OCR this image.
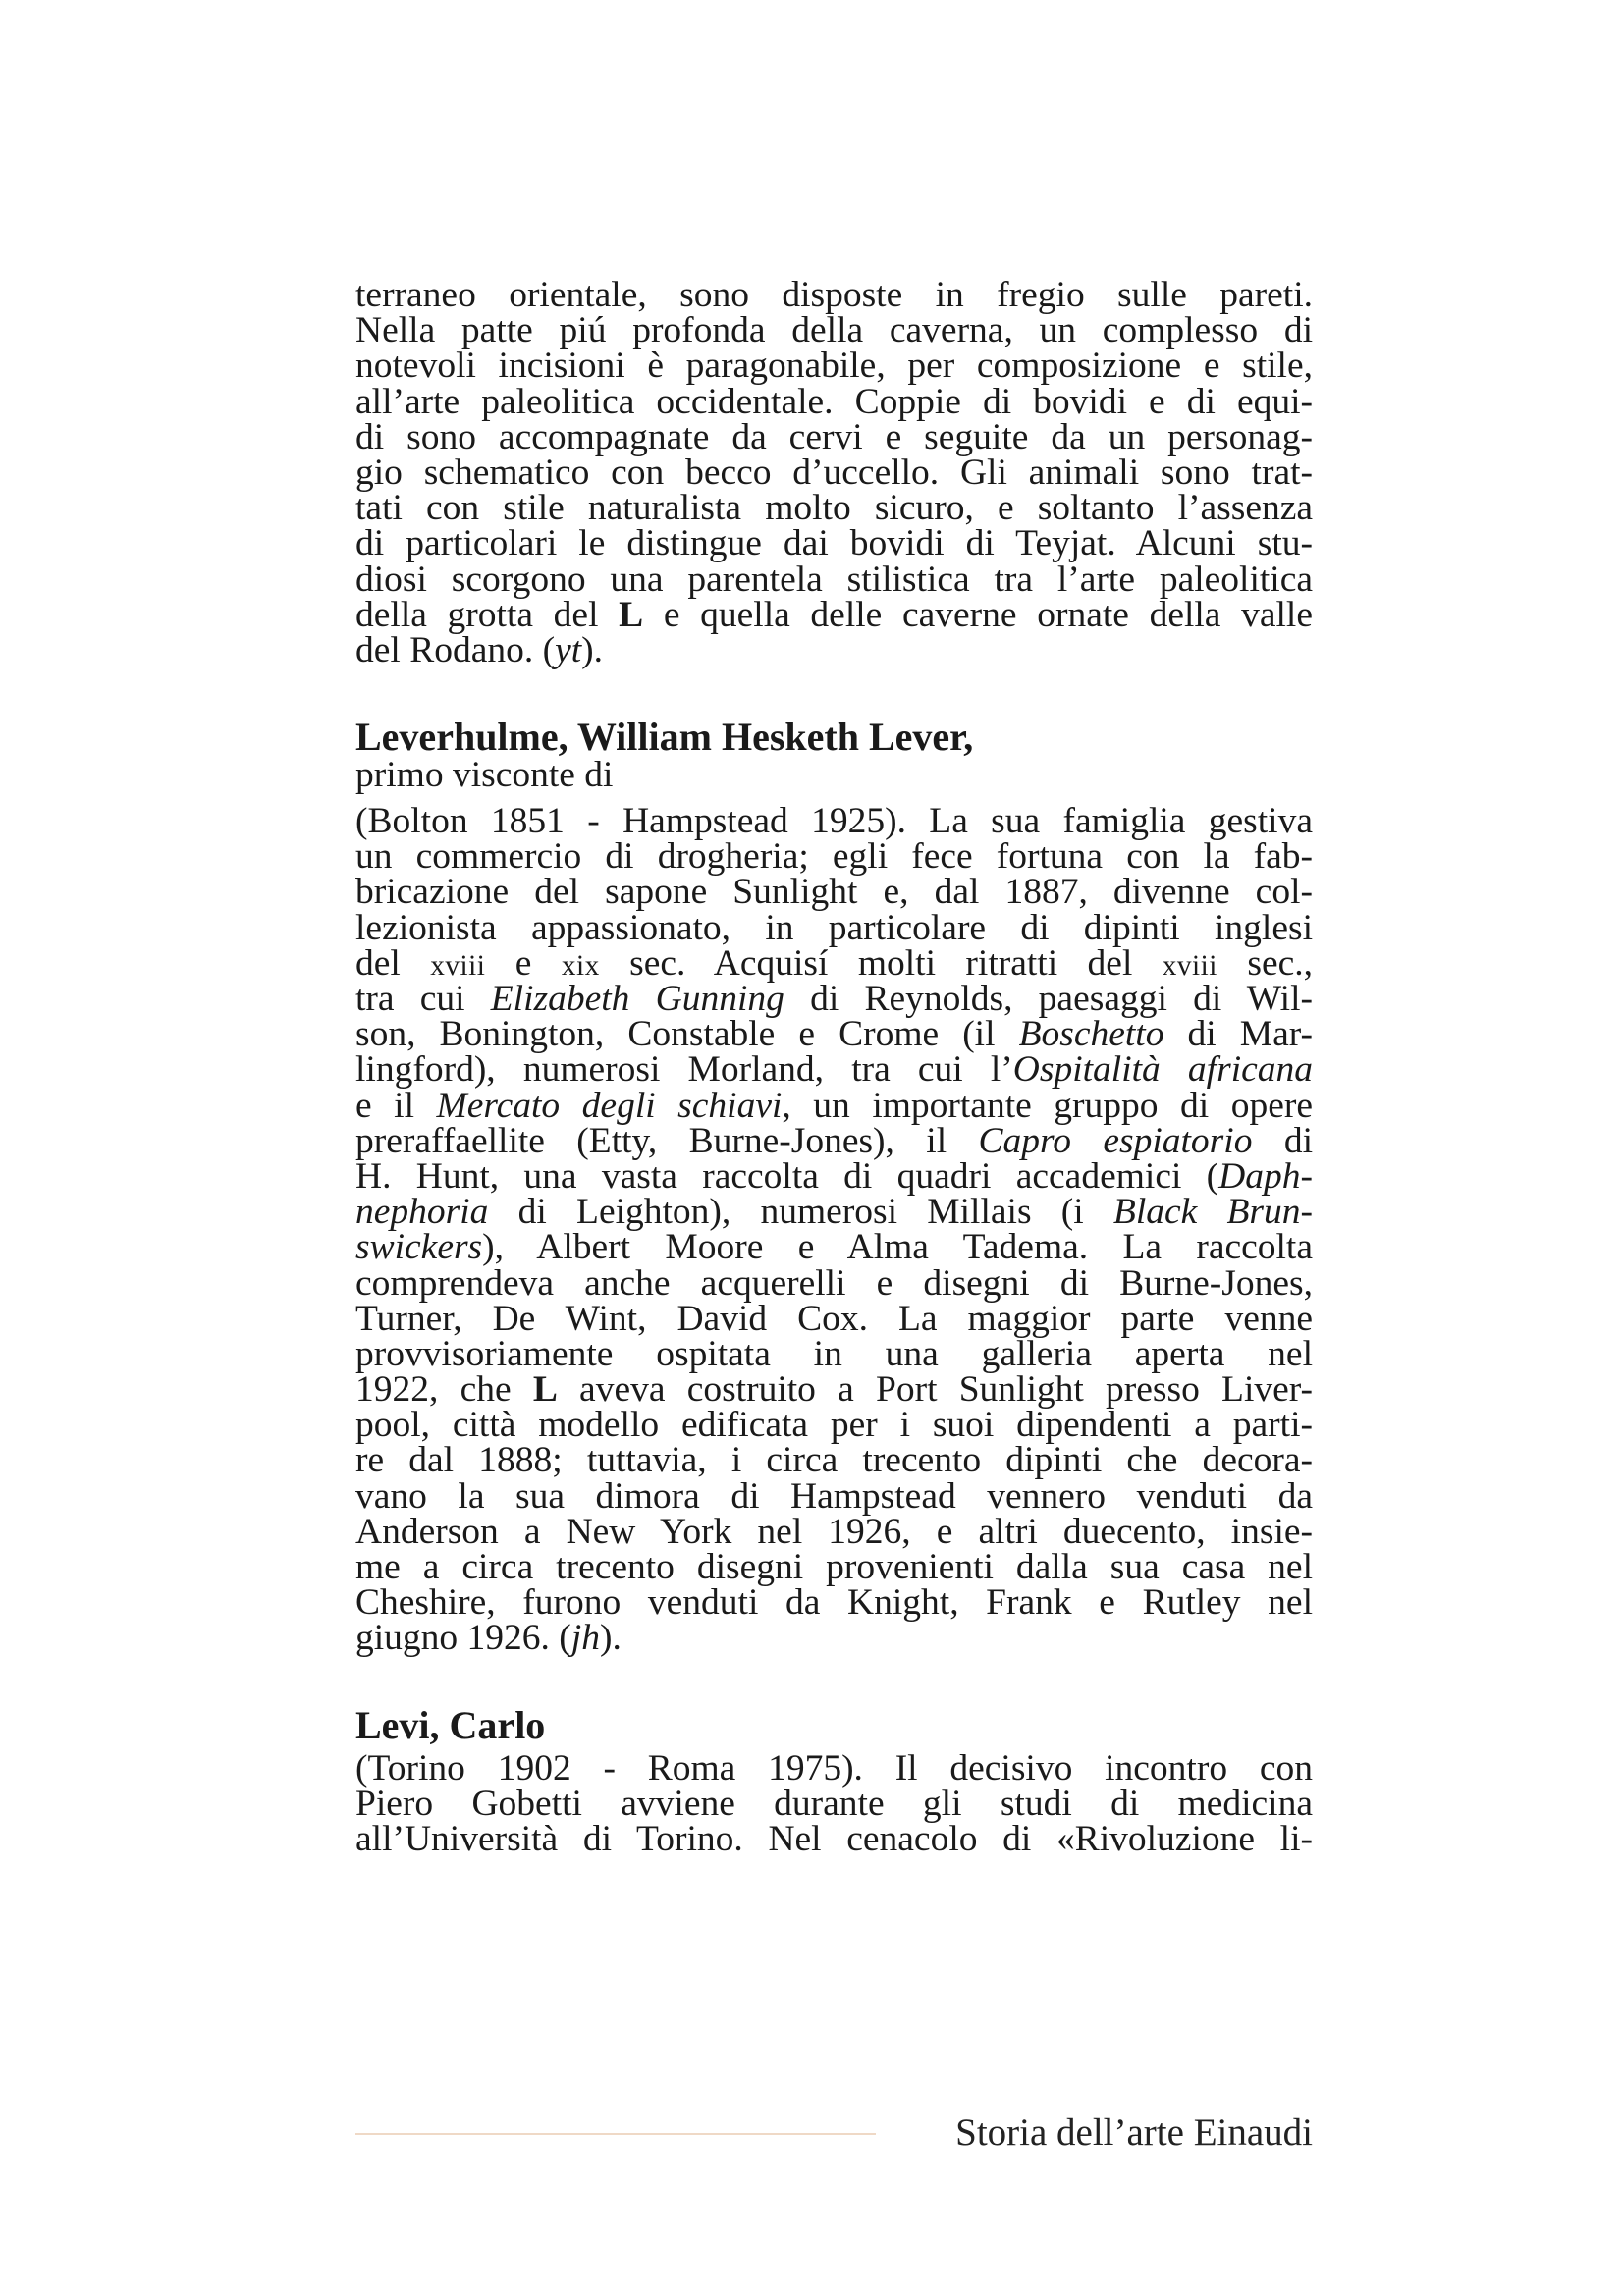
terraneo orientale, sono disposte in fregio sulle pareti.
Nella patte piú profonda della caverna, un complesso di
notevoli incisioni è paragonabile, per composizione e stile,
all’arte paleolitica occidentale. Coppie di bovidi e di equi-
di sono accompagnate da cervi e seguite da un personag-
gio schematico con becco d’uccello. Gli animali sono trat-
tati con stile naturalista molto sicuro, e soltanto l’assenza
di particolari le distingue dai bovidi di Teyjat. Alcuni stu-
diosi scorgono una parentela stilistica tra l’arte paleolitica
della grotta del L e quella delle caverne ornate della valle
del Rodano. (yt).
Leverhulme, William Hesketh Lever,
primo visconte di
(Bolton 1851 - Hampstead 1925). La sua famiglia gestiva
un commercio di drogheria; egli fece fortuna con la fab-
bricazione del sapone Sunlight e, dal 1887, divenne col-
lezionista appassionato, in particolare di dipinti inglesi
del xviii e xix sec. Acquisí molti ritratti del xviii sec.,
tra cui Elizabeth Gunning di Reynolds, paesaggi di Wil-
son, Bonington, Constable e Crome (il Boschetto di Mar-
lingford), numerosi Morland, tra cui l’Ospitalità africana
e il Mercato degli schiavi, un importante gruppo di opere
preraffaellite (Etty, Burne-Jones), il Capro espiatorio di
H. Hunt, una vasta raccolta di quadri accademici (Daph-
nephoria di Leighton), numerosi Millais (i Black Brun-
swickers), Albert Moore e Alma Tadema. La raccolta
comprendeva anche acquerelli e disegni di Burne-Jones,
Turner, De Wint, David Cox. La maggior parte venne
provvisoriamente ospitata in una galleria aperta nel
1922, che L aveva costruito a Port Sunlight presso Liver-
pool, città modello edificata per i suoi dipendenti a parti-
re dal 1888; tuttavia, i circa trecento dipinti che decora-
vano la sua dimora di Hampstead vennero venduti da
Anderson a New York nel 1926, e altri duecento, insie-
me a circa trecento disegni provenienti dalla sua casa nel
Cheshire, furono venduti da Knight, Frank e Rutley nel
giugno 1926. (jh).
Levi, Carlo
(Torino 1902 - Roma 1975). Il decisivo incontro con
Piero Gobetti avviene durante gli studi di medicina
all’Università di Torino. Nel cenacolo di «Rivoluzione li-
Storia dell’arte Einaudi
